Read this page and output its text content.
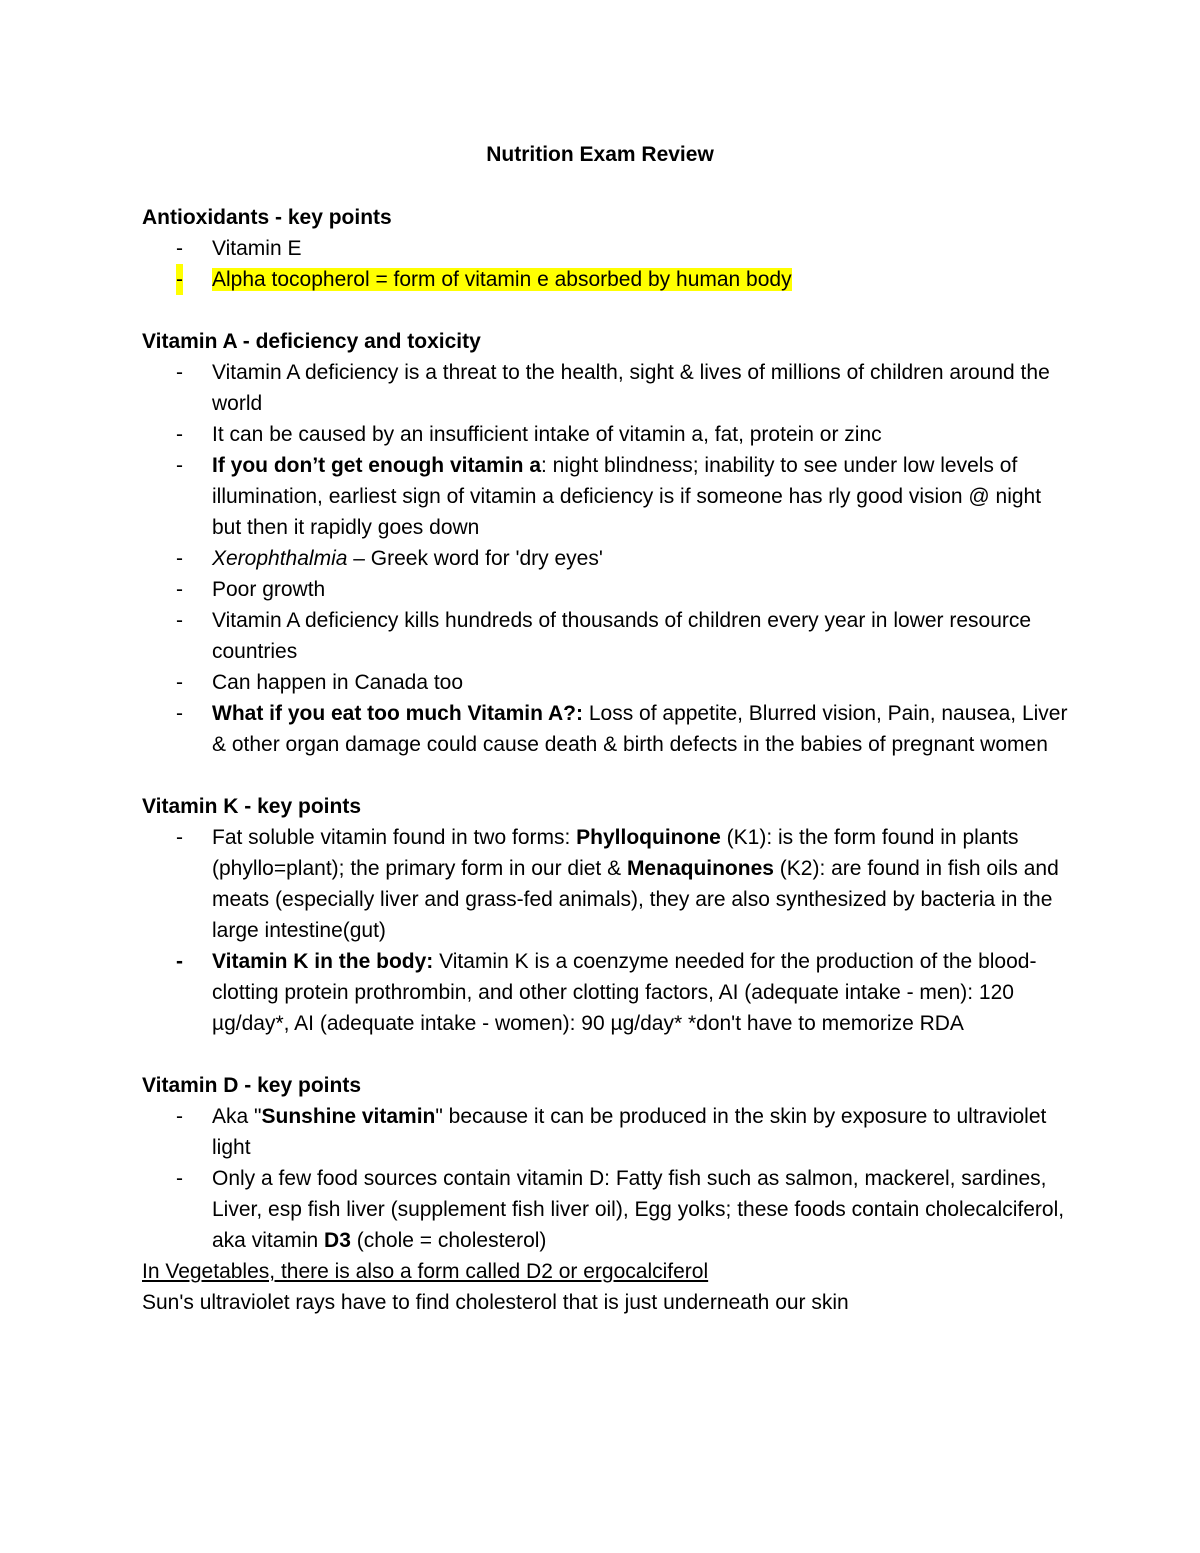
Nutrition Exam Review
Antioxidants - key points
- Vitamin E
- Alpha tocopherol = form of vitamin e absorbed by human body
Vitamin A - deficiency and toxicity
- Vitamin A deficiency is a threat to the health, sight & lives of millions of children around the world
- It can be caused by an insufficient intake of vitamin a, fat, protein or zinc
- If you don’t get enough vitamin a: night blindness; inability to see under low levels of illumination, earliest sign of vitamin a deficiency is if someone has rly good vision @ night but then it rapidly goes down
- Xerophthalmia – Greek word for 'dry eyes'
- Poor growth
- Vitamin A deficiency kills hundreds of thousands of children every year in lower resource countries
- Can happen in Canada too
- What if you eat too much Vitamin A?: Loss of appetite, Blurred vision, Pain, nausea, Liver & other organ damage could cause death & birth defects in the babies of pregnant women
Vitamin K - key points
- Fat soluble vitamin found in two forms: Phylloquinone (K1): is the form found in plants (phyllo=plant); the primary form in our diet & Menaquinones (K2): are found in fish oils and meats (especially liver and grass-fed animals), they are also synthesized by bacteria in the large intestine(gut)
- Vitamin K in the body: Vitamin K is a coenzyme needed for the production of the blood-clotting protein prothrombin, and other clotting factors, AI (adequate intake - men): 120 µg/day*, AI (adequate intake - women): 90 µg/day* *don't have to memorize RDA
Vitamin D - key points
- Aka "Sunshine vitamin" because it can be produced in the skin by exposure to ultraviolet light
- Only a few food sources contain vitamin D: Fatty fish such as salmon, mackerel, sardines, Liver, esp fish liver (supplement fish liver oil), Egg yolks; these foods contain cholecalciferol, aka vitamin D3 (chole = cholesterol)

In Vegetables, there is also a form called D2 or ergocalciferol

Sun's ultraviolet rays have to find cholesterol that is just underneath our skin
